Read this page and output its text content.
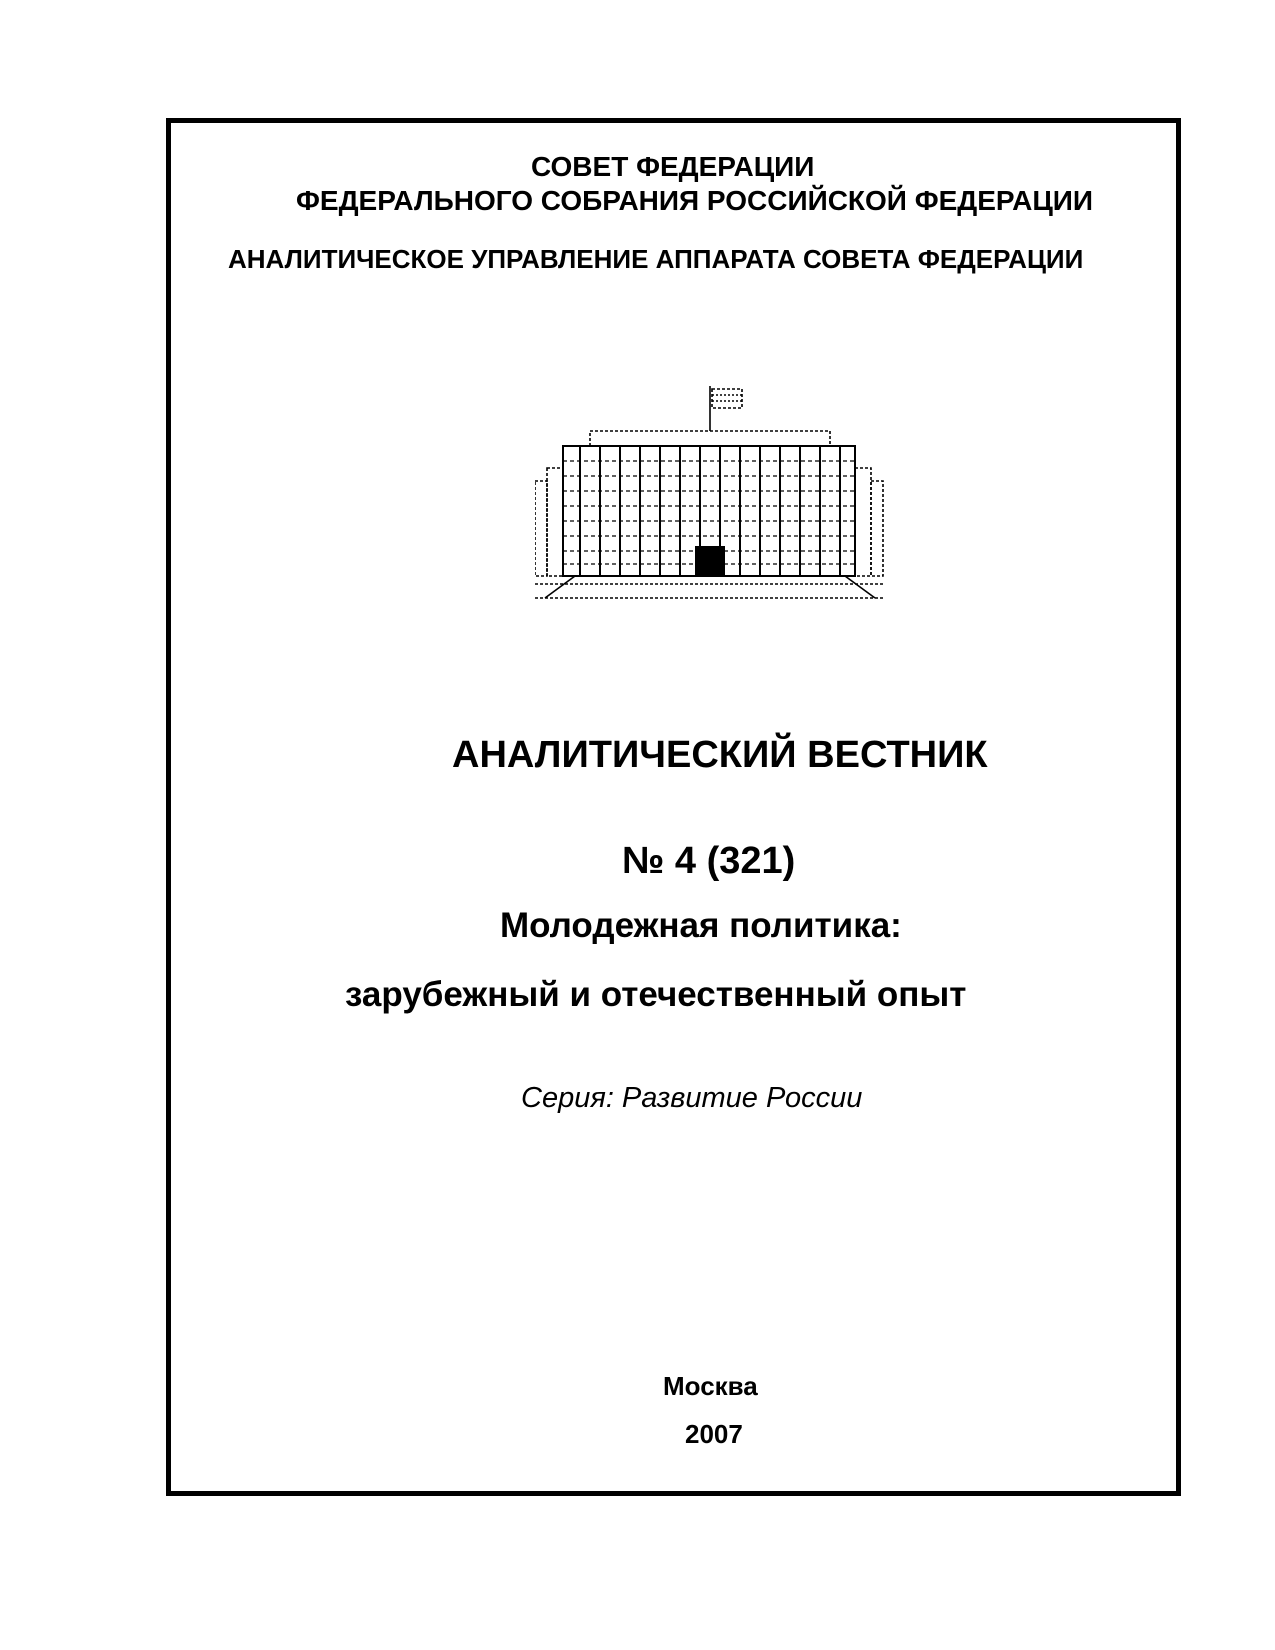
СОВЕТ ФЕДЕРАЦИИ
ФЕДЕРАЛЬНОГО СОБРАНИЯ РОССИЙСКОЙ ФЕДЕРАЦИИ
АНАЛИТИЧЕСКОЕ УПРАВЛЕНИЕ АППАРАТА СОВЕТА ФЕДЕРАЦИИ
АНАЛИТИЧЕСКИЙ ВЕСТНИК
№ 4 (321)
Молодежная политика:
зарубежный и отечественный опыт
Серия: Развитие России
Москва
2007
